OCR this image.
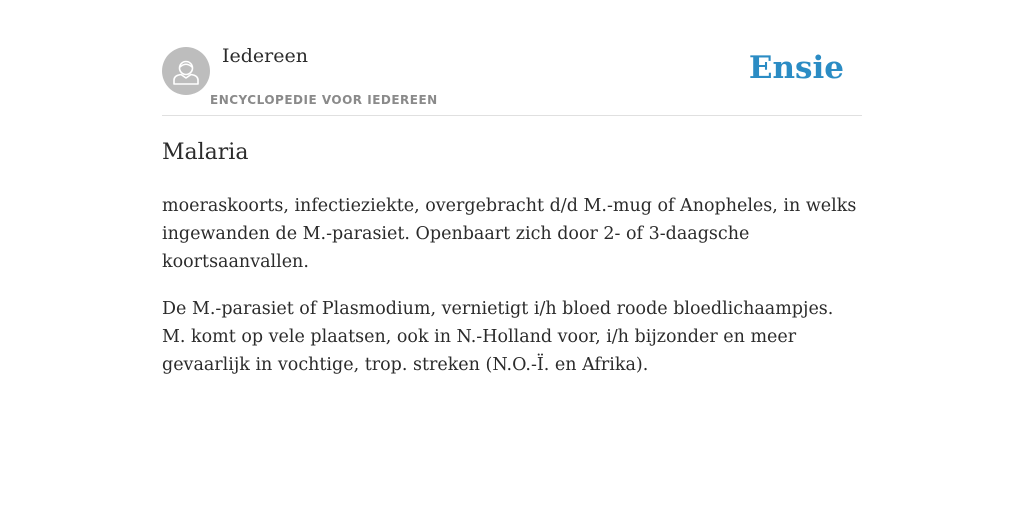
Iedereen
ENCYCLOPEDIE VOOR IEDEREEN
Ensie
Malaria

moeraskoorts, infectieziekte, overgebracht d/d M.-mug of Anopheles, in welks ingewanden de M.-parasiet. Openbaart zich door 2- of 3-daagsche koortsaanvallen.

De M.-parasiet of Plasmodium, vernietigt i/h bloed roode bloedlichaampjes. M. komt op vele plaatsen, ook in N.-Holland voor, i/h bijzonder en meer gevaarlijk in vochtige, trop. streken (N.O.-Ï. en Afrika).
